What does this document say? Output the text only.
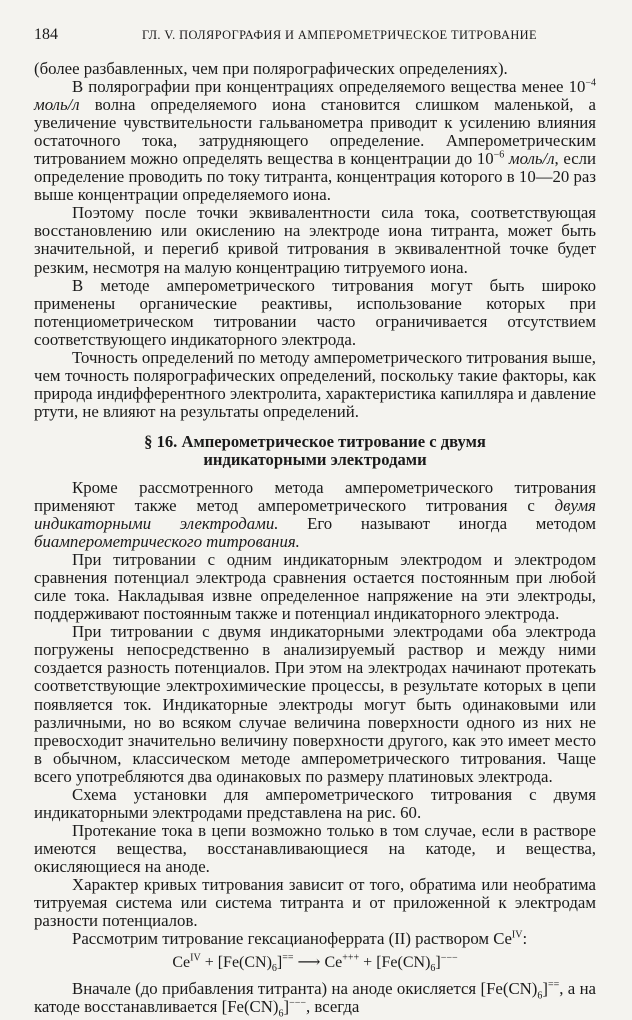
184	ГЛ. V. ПОЛЯРОГРАФИЯ И АМПЕРОМЕТРИЧЕСКОЕ ТИТРОВАНИЕ

(более разбавленных, чем при полярографических определениях).

В полярографии при концентрациях определяемого вещества менее $10^{-4}$ моль/л волна определяемого иона становится слишком маленькой, а увеличение чувствительности гальванометра приводит к усилению влияния остаточного тока, затрудняющего определение. Амперометрическим титрованием можно определять вещества в концентрации до $10^{-6}$ моль/л, если определение проводить по току титранта, концентрация которого в 10—20 раз выше концентрации определяемого иона.

Поэтому после точки эквивалентности сила тока, соответствующая восстановлению или окислению на электроде иона титранта, может быть значительной, и перегиб кривой титрования в эквивалентной точке будет резким, несмотря на малую концентрацию титруемого иона.

В методе амперометрического титрования могут быть широко применены органические реактивы, использование которых при потенциометрическом титровании часто ограничивается отсутствием соответствующего индикаторного электрода.

Точность определений по методу амперометрического титрования выше, чем точность полярографических определений, поскольку такие факторы, как природа индифферентного электролита, характеристика капилляра и давление ртути, не влияют на результаты определений.

§ 16. Амперометрическое титрование с двумя
индикаторными электродами

Кроме рассмотренного метода амперометрического титрования применяют также метод амперометрического титрования с двумя индикаторными электродами. Его называют иногда методом биамперометрического титрования.

При титровании с одним индикаторным электродом и электродом сравнения потенциал электрода сравнения остается постоянным при любой силе тока. Накладывая извне определенное напряжение на эти электроды, поддерживают постоянным также и потенциал индикаторного электрода.

При титровании с двумя индикаторными электродами оба электрода погружены непосредственно в анализируемый раствор и между ними создается разность потенциалов. При этом на электродах начинают протекать соответствующие электрохимические процессы, в результате которых в цепи появляется ток. Индикаторные электроды могут быть одинаковыми или различными, но во всяком случае величина поверхности одного из них не превосходит значительно величину поверхности другого, как это имеет место в обычном, классическом методе амперометрического титрования. Чаще всего употребляются два одинаковых по размеру платиновых электрода.

Схема установки для амперометрического титрования с двумя индикаторными электродами представлена на рис. 60.

Протекание тока в цепи возможно только в том случае, если в растворе имеются вещества, восстанавливающиеся на катоде, и вещества, окисляющиеся на аноде.

Характер кривых титрования зависит от того, обратима или необратима титруемая система или система титранта и от приложенной к электродам разности потенциалов.

Рассмотрим титрование гексацианоферрата (II) раствором $Ce^{IV}$:

$Ce^{IV} + [Fe(CN)_6]^{==}$ ⟶ $Ce^{+++} + [Fe(CN)_6]^{---}$

Вначале (до прибавления титранта) на аноде окисляется $[Fe(CN)_6]^{==}$, а на катоде восстанавливается $[Fe(CN)_6]^{---}$, всегда
